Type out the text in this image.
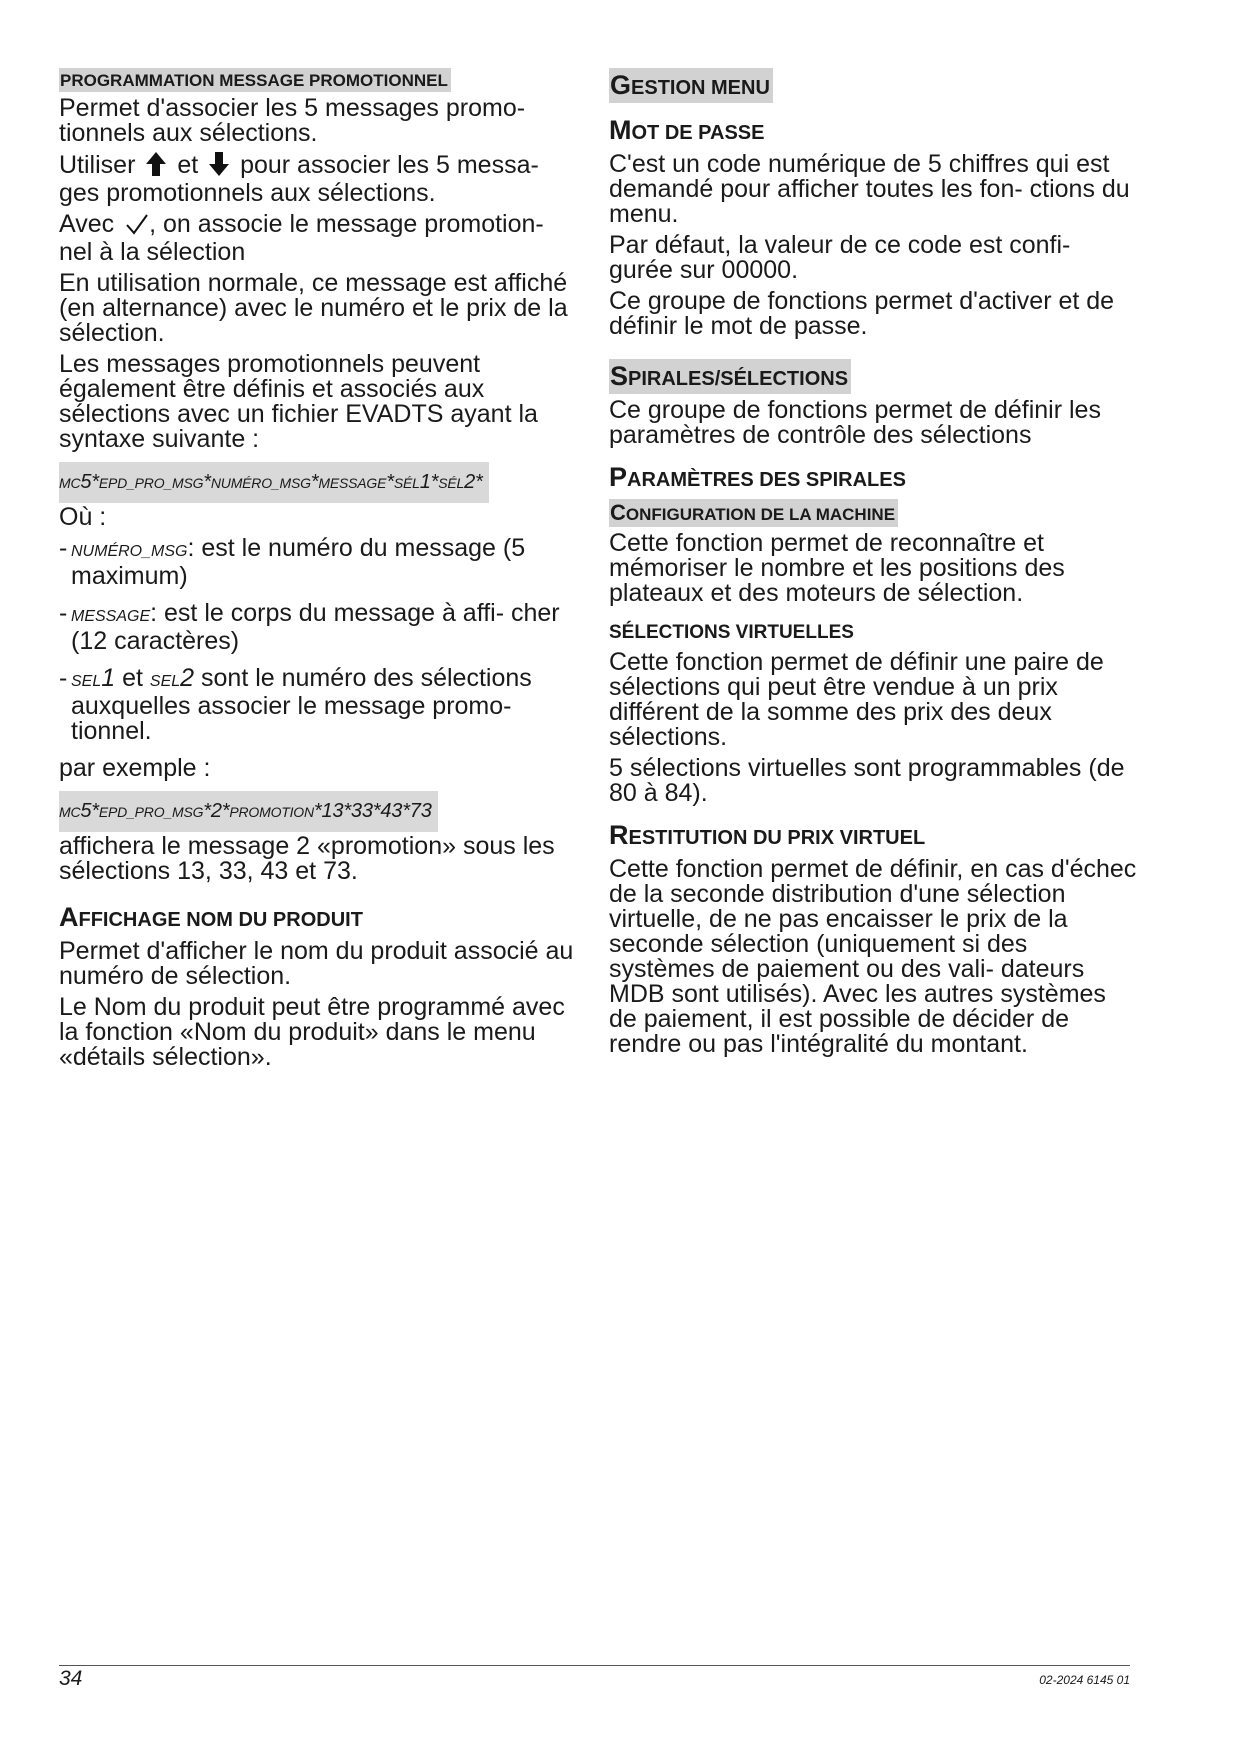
PROGRAMMATION MESSAGE PROMOTIONNEL

Permet d'associer les 5 messages promo- tionnels aux sélections.

Utiliser et pour associer les 5 messa- ges promotionnels aux sélections.

Avec , on associe le message promotion- nel à la sélection

En utilisation normale, ce message est affiché (en alternance) avec le numéro et le prix de la sélection.

Les messages promotionnels peuvent également être définis et associés aux sélections avec un fichier EVADTS ayant la syntaxe suivante :

MC5*EPD_PRO_MSG*NUMÉRO_MSG*MESSAGE*SÉL1*SÉL2*

Où :

- NUMÉRO_MSG: est le numéro du message (5 maximum)
- MESSAGE: est le corps du message à affi- cher (12 caractères)
- SEL1 et SEL2 sont le numéro des sélections auxquelles associer le message promo- tionnel.

par exemple :

MC5*EPD_PRO_MSG*2*PROMOTION*13*33*43*73

affichera le message 2 «promotion» sous les sélections 13, 33, 43 et 73.

AFFICHAGE NOM DU PRODUIT

Permet d'afficher le nom du produit associé au numéro de sélection.

Le Nom du produit peut être programmé avec la fonction «Nom du produit» dans le menu «détails sélection».

GESTION MENU
MOT DE PASSE

C'est un code numérique de 5 chiffres qui est demandé pour afficher toutes les fon- ctions du menu.

Par défaut, la valeur de ce code est confi- gurée sur 00000.

Ce groupe de fonctions permet d'activer et de définir le mot de passe.

SPIRALES/SÉLECTIONS

Ce groupe de fonctions permet de définir les paramètres de contrôle des sélections

PARAMÈTRES DES SPIRALES
CONFIGURATION DE LA MACHINE

Cette fonction permet de reconnaître et mémoriser le nombre et les positions des plateaux et des moteurs de sélection.

SÉLECTIONS VIRTUELLES

Cette fonction permet de définir une paire de sélections qui peut être vendue à un prix différent de la somme des prix des deux sélections.

5 sélections virtuelles sont programmables (de 80 à 84).

RESTITUTION DU PRIX VIRTUEL

Cette fonction permet de définir, en cas d'échec de la seconde distribution d'une sélection virtuelle, de ne pas encaisser le prix de la seconde sélection (uniquement si des systèmes de paiement ou des vali- dateurs MDB sont utilisés). Avec les autres systèmes de paiement, il est possible de décider de rendre ou pas l'intégralité du montant.

34	02-2024 6145 01
